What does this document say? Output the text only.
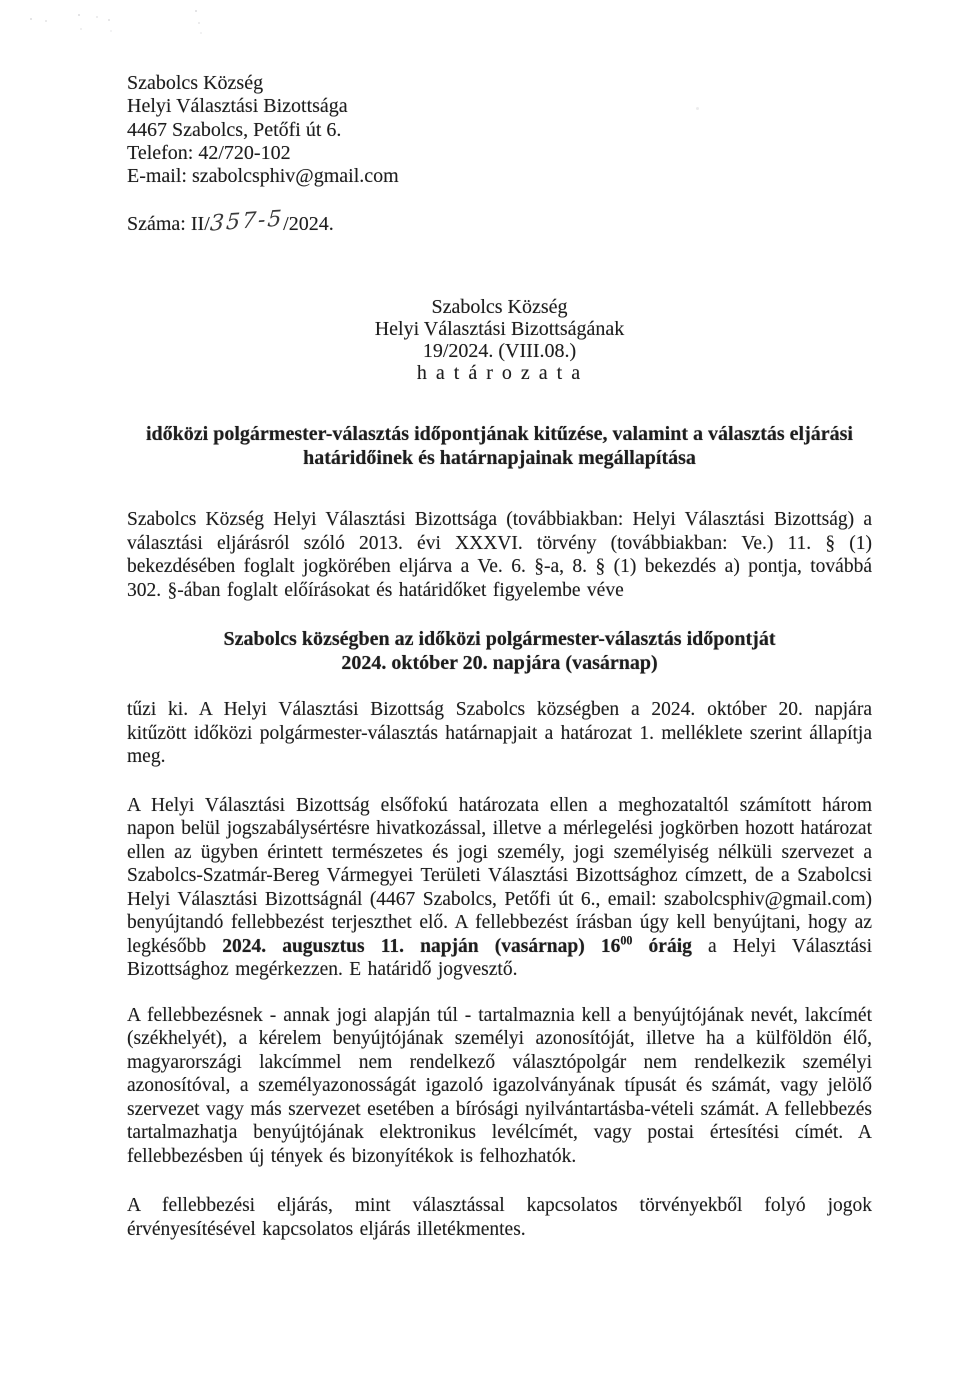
Szabolcs Község
Helyi Választási Bizottsága
4467 Szabolcs, Petőfi út 6.
Telefon: 42/720-102
E-mail: szabolcsphiv@gmail.com
Száma: II/357-5/2024.
Szabolcs Község
Helyi Választási Bizottságának
19/2024. (VIII.08.)
h a t á r o z a t a
időközi polgármester-választás időpontjának kitűzése, valamint a választás eljárási határidőinek és határnapjainak megállapítása
Szabolcs Község Helyi Választási Bizottsága (továbbiakban: Helyi Választási Bizottság) a választási eljárásról szóló 2013. évi XXXVI. törvény (továbbiakban: Ve.) 11. § (1) bekezdésében foglalt jogkörében eljárva a Ve. 6. §-a, 8. § (1) bekezdés a) pontja, továbbá 302. §-ában foglalt előírásokat és határidőket figyelembe véve
Szabolcs községben az időközi polgármester-választás időpontját
2024. október 20. napjára (vasárnap)
tűzi ki. A Helyi Választási Bizottság Szabolcs községben a 2024. október 20. napjára kitűzött időközi polgármester-választás határnapjait a határozat 1. melléklete szerint állapítja meg.
A Helyi Választási Bizottság elsőfokú határozata ellen a meghozataltól számított három napon belül jogszabálysértésre hivatkozással, illetve a mérlegelési jogkörben hozott határozat ellen az ügyben érintett természetes és jogi személy, jogi személyiség nélküli szervezet a Szabolcs-Szatmár-Bereg Vármegyei Területi Választási Bizottsághoz címzett, de a Szabolcsi Helyi Választási Bizottságnál (4467 Szabolcs, Petőfi út 6., email: szabolcsphiv@gmail.com) benyújtandó fellebbezést terjeszthet elő. A fellebbezést írásban úgy kell benyújtani, hogy az legkésőbb 2024. augusztus 11. napján (vasárnap) $16^{00}$ óráig a Helyi Választási Bizottsághoz megérkezzen. E határidő jogvesztő.
A fellebbezésnek - annak jogi alapján túl - tartalmaznia kell a benyújtójának nevét, lakcímét (székhelyét), a kérelem benyújtójának személyi azonosítóját, illetve ha a külföldön élő, magyarországi lakcímmel nem rendelkező választópolgár nem rendelkezik személyi azonosítóval, a személyazonosságát igazoló igazolványának típusát és számát, vagy jelölő szervezet vagy más szervezet esetében a bírósági nyilvántartásba-vételi számát. A fellebbezés tartalmazhatja benyújtójának elektronikus levélcímét, vagy postai értesítési címét. A fellebbezésben új tények és bizonyítékok is felhozhatók.
A fellebbezési eljárás, mint választással kapcsolatos törvényekből folyó jogok érvényesítésével kapcsolatos eljárás illetékmentes.
